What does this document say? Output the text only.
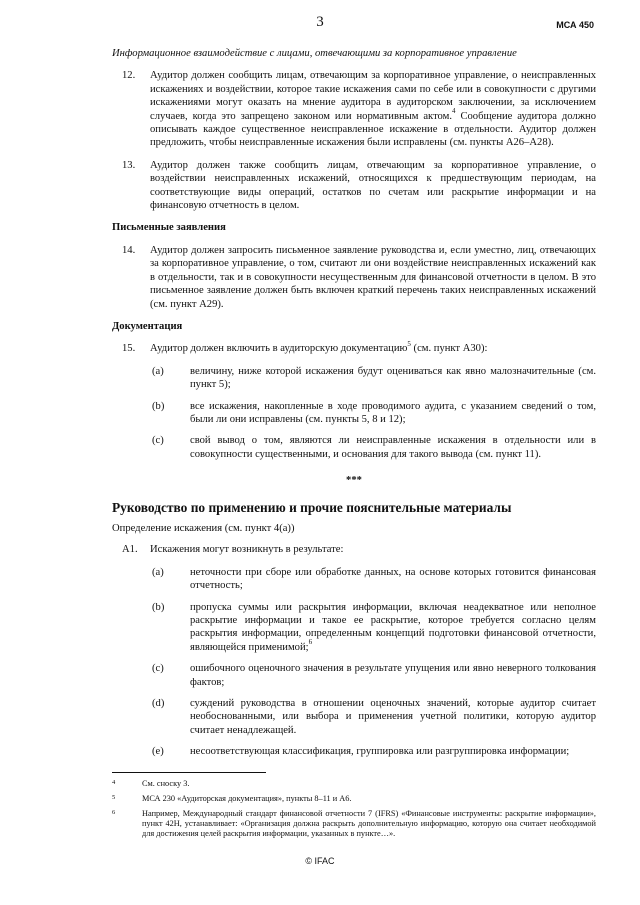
3	МСА 450
Информационное взаимодействие с лицами, отвечающими за корпоративное управление
12. Аудитор должен сообщить лицам, отвечающим за корпоративное управление, о неисправленных искажениях и воздействии, которое такие искажения сами по себе или в совокупности с другими искажениями могут оказать на мнение аудитора в аудиторском заключении, за исключением случаев, когда это запрещено законом или нормативным актом.$^4$ Сообщение аудитора должно описывать каждое существенное неисправленное искажение в отдельности. Аудитор должен предложить, чтобы неисправленные искажения были исправлены (см. пункты A26–A28).
13. Аудитор должен также сообщить лицам, отвечающим за корпоративное управление, о воздействии неисправленных искажений, относящихся к предшествующим периодам, на соответствующие виды операций, остатков по счетам или раскрытие информации и на финансовую отчетность в целом.
Письменные заявления
14. Аудитор должен запросить письменное заявление руководства и, если уместно, лиц, отвечающих за корпоративное управление, о том, считают ли они воздействие неисправленных искажений как в отдельности, так и в совокупности несущественным для финансовой отчетности в целом. В это письменное заявление должен быть включен краткий перечень таких неисправленных искажений (см. пункт A29).
Документация
15. Аудитор должен включить в аудиторскую документацию$^5$ (см. пункт A30):
(a) величину, ниже которой искажения будут оцениваться как явно малозначительные (см. пункт 5);
(b) все искажения, накопленные в ходе проводимого аудита, с указанием сведений о том, были ли они исправлены (см. пункты 5, 8 и 12);
(c) свой вывод о том, являются ли неисправленные искажения в отдельности или в совокупности существенными, и основания для такого вывода (см. пункт 11).
***
Руководство по применению и прочие пояснительные материалы
Определение искажения (см. пункт 4(a))
A1. Искажения могут возникнуть в результате:
(a) неточности при сборе или обработке данных, на основе которых готовится финансовая отчетность;
(b) пропуска суммы или раскрытия информации, включая неадекватное или неполное раскрытие информации и такое ее раскрытие, которое требуется согласно целям раскрытия информации, определенным концепций подготовки финансовой отчетности, являющейся применимой;$^6$
(c) ошибочного оценочного значения в результате упущения или явно неверного толкования фактов;
(d) суждений руководства в отношении оценочных значений, которые аудитор считает необоснованными, или выбора и применения учетной политики, которую аудитор считает ненадлежащей.
(e) несоответствующая классификация, группировка или разгруппировка информации;
4	См. сноску 3.
5	МСА 230 «Аудиторская документация», пункты 8–11 и A6.
6	Например, Международный стандарт финансовой отчетности 7 (IFRS) «Финансовые инструменты: раскрытие информации», пункт 42H, устанавливает: «Организация должна раскрыть дополнительную информацию, которую она считает необходимой для достижения целей раскрытия информации, указанных в пункте…».
© IFAC
